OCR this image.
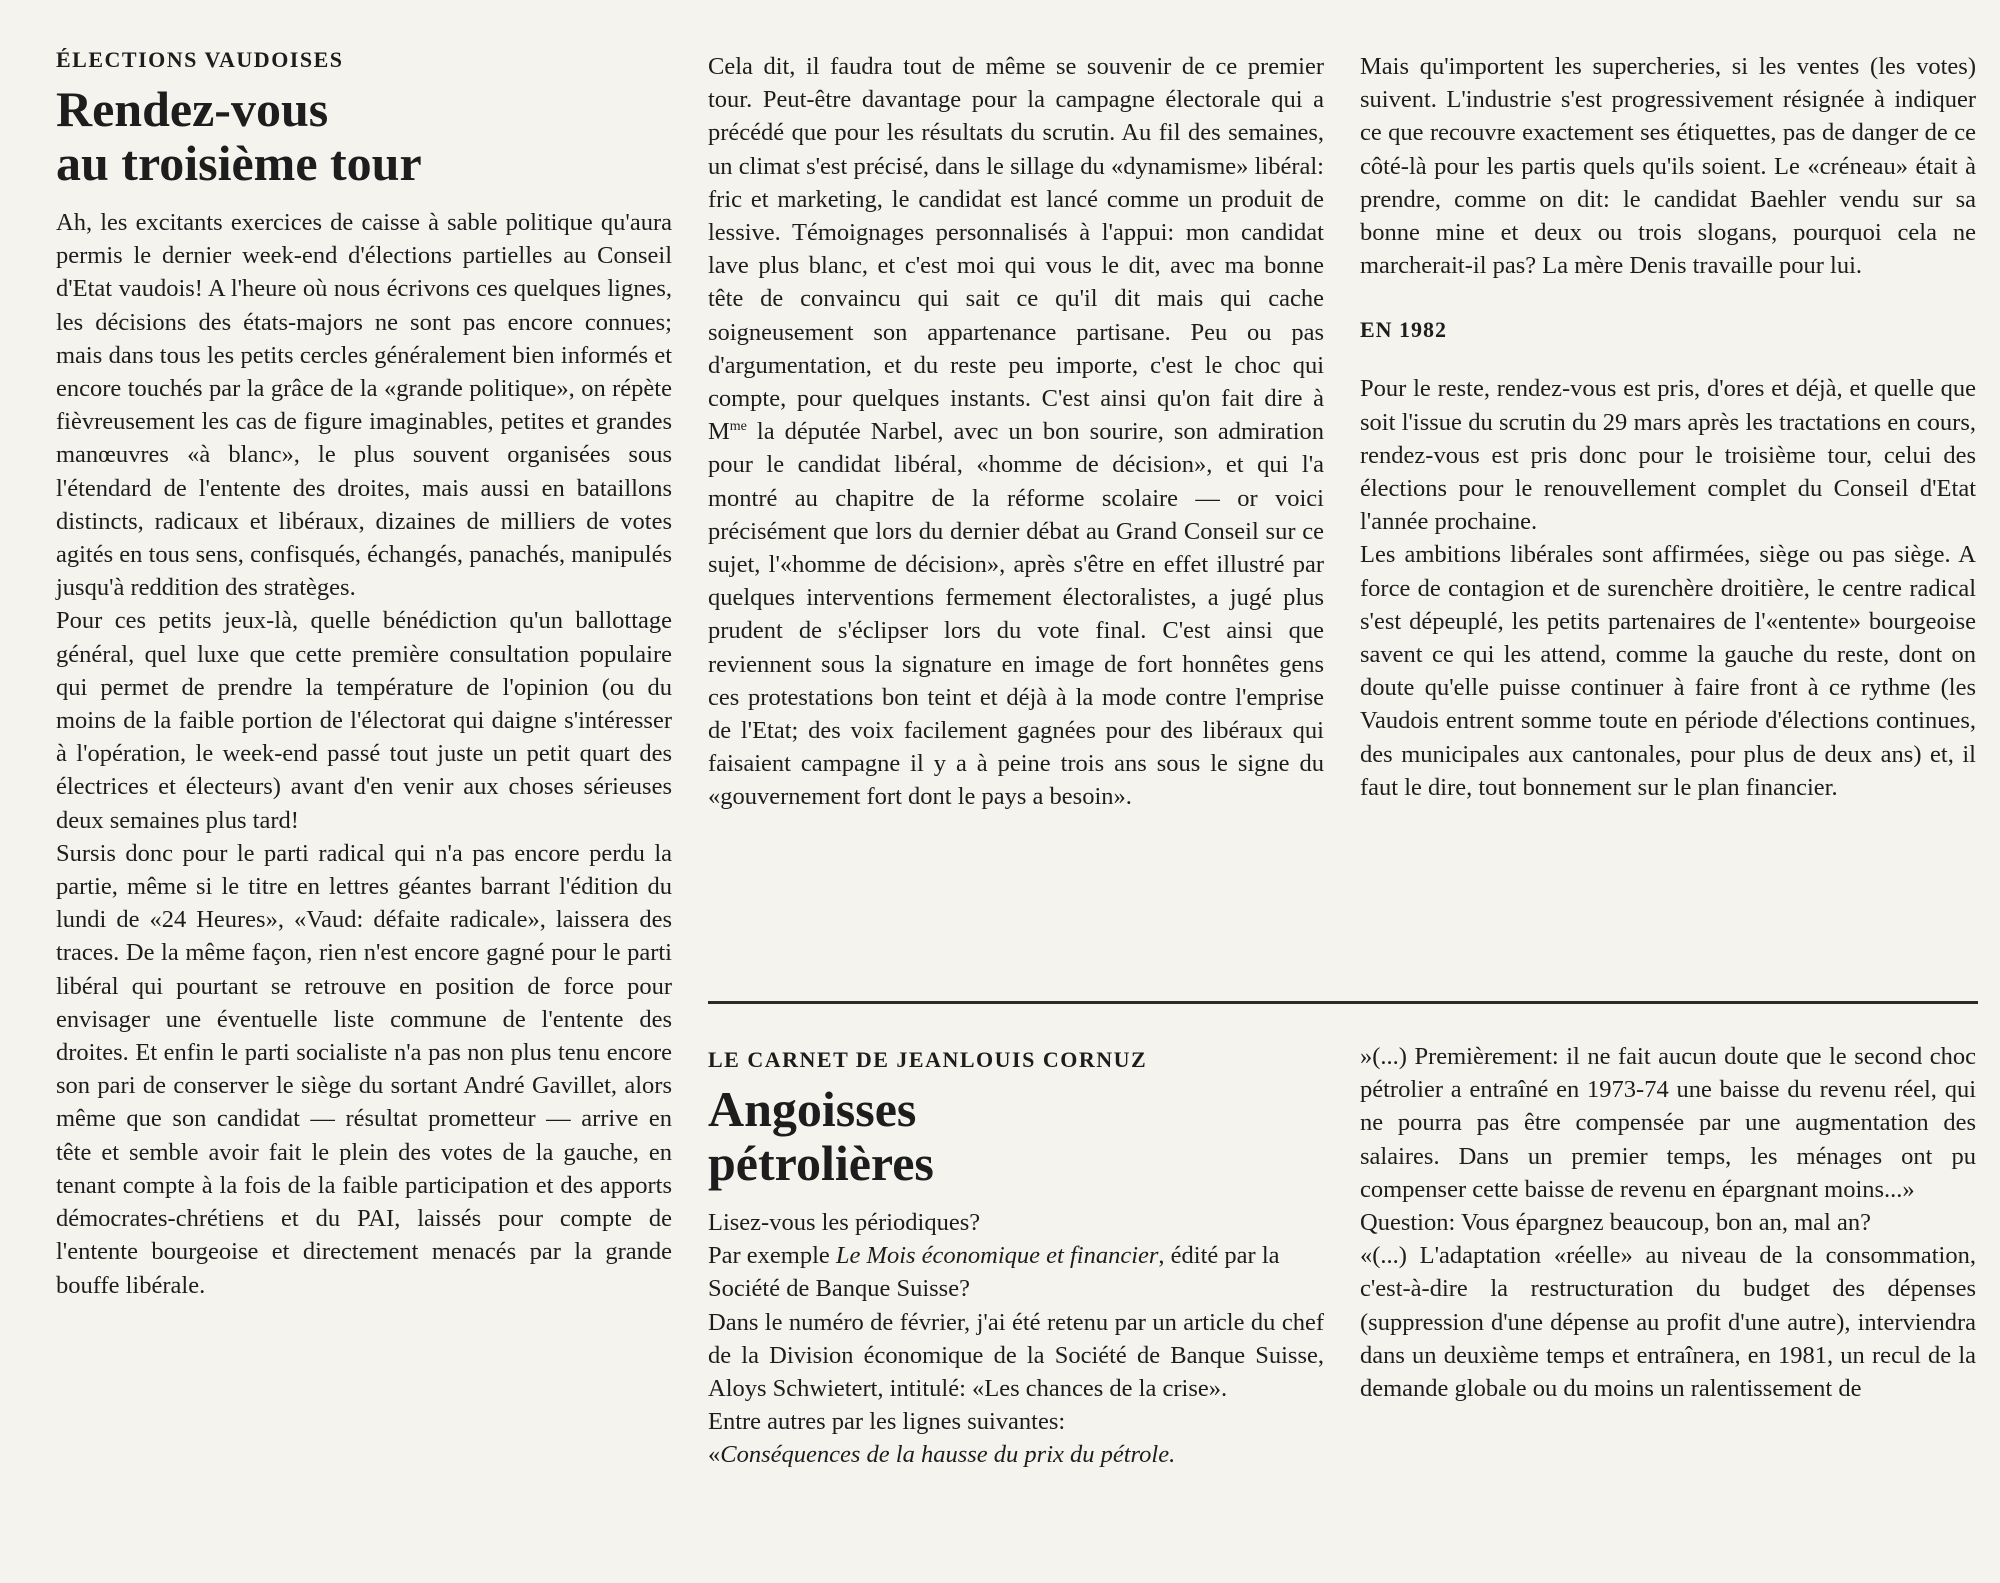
ÉLECTIONS VAUDOISES
Rendez-vous
au troisième tour

Ah, les excitants exercices de caisse à sable politique qu'aura permis le dernier week-end d'élections partielles au Conseil d'Etat vaudois! A l'heure où nous écrivons ces quelques lignes, les décisions des états-majors ne sont pas encore connues; mais dans tous les petits cercles généralement bien informés et encore touchés par la grâce de la «grande politique», on répète fièvreusement les cas de figure imaginables, petites et grandes manœuvres «à blanc», le plus souvent organisées sous l'étendard de l'entente des droites, mais aussi en bataillons distincts, radicaux et libéraux, dizaines de milliers de votes agités en tous sens, confisqués, échangés, panachés, manipulés jusqu'à reddition des stratèges.

Pour ces petits jeux-là, quelle bénédiction qu'un ballottage général, quel luxe que cette première consultation populaire qui permet de prendre la température de l'opinion (ou du moins de la faible portion de l'électorat qui daigne s'intéresser à l'opération, le week-end passé tout juste un petit quart des électrices et électeurs) avant d'en venir aux choses sérieuses deux semaines plus tard!

Sursis donc pour le parti radical qui n'a pas encore perdu la partie, même si le titre en lettres géantes barrant l'édition du lundi de «24 Heures», «Vaud: défaite radicale», laissera des traces. De la même façon, rien n'est encore gagné pour le parti libéral qui pourtant se retrouve en position de force pour envisager une éventuelle liste commune de l'entente des droites. Et enfin le parti socialiste n'a pas non plus tenu encore son pari de conserver le siège du sortant André Gavillet, alors même que son candidat — résultat prometteur — arrive en tête et semble avoir fait le plein des votes de la gauche, en tenant compte à la fois de la faible participation et des apports démocrates-chrétiens et du PAI, laissés pour compte de l'entente bourgeoise et directement menacés par la grande bouffe libérale.

Cela dit, il faudra tout de même se souvenir de ce premier tour. Peut-être davantage pour la campagne électorale qui a précédé que pour les résultats du scrutin. Au fil des semaines, un climat s'est précisé, dans le sillage du «dynamisme» libéral: fric et marketing, le candidat est lancé comme un produit de lessive. Témoignages personnalisés à l'appui: mon candidat lave plus blanc, et c'est moi qui vous le dit, avec ma bonne tête de convaincu qui sait ce qu'il dit mais qui cache soigneusement son appartenance partisane. Peu ou pas d'argumentation, et du reste peu importe, c'est le choc qui compte, pour quelques instants. C'est ainsi qu'on fait dire à $M^{me}$ la députée Narbel, avec un bon sourire, son admiration pour le candidat libéral, «homme de décision», et qui l'a montré au chapitre de la réforme scolaire — or voici précisément que lors du dernier débat au Grand Conseil sur ce sujet, l'«homme de décision», après s'être en effet illustré par quelques interventions fermement électoralistes, a jugé plus prudent de s'éclipser lors du vote final. C'est ainsi que reviennent sous la signature en image de fort honnêtes gens ces protestations bon teint et déjà à la mode contre l'emprise de l'Etat; des voix facilement gagnées pour des libéraux qui faisaient campagne il y a à peine trois ans sous le signe du «gouvernement fort dont le pays a besoin».

Mais qu'importent les supercheries, si les ventes (les votes) suivent. L'industrie s'est progressivement résignée à indiquer ce que recouvre exactement ses étiquettes, pas de danger de ce côté-là pour les partis quels qu'ils soient. Le «créneau» était à prendre, comme on dit: le candidat Baehler vendu sur sa bonne mine et deux ou trois slogans, pourquoi cela ne marcherait-il pas? La mère Denis travaille pour lui.

EN 1982

Pour le reste, rendez-vous est pris, d'ores et déjà, et quelle que soit l'issue du scrutin du 29 mars après les tractations en cours, rendez-vous est pris donc pour le troisième tour, celui des élections pour le renouvellement complet du Conseil d'Etat l'année prochaine.

Les ambitions libérales sont affirmées, siège ou pas siège. A force de contagion et de surenchère droitière, le centre radical s'est dépeuplé, les petits partenaires de l'«entente» bourgeoise savent ce qui les attend, comme la gauche du reste, dont on doute qu'elle puisse continuer à faire front à ce rythme (les Vaudois entrent somme toute en période d'élections continues, des municipales aux cantonales, pour plus de deux ans) et, il faut le dire, tout bonnement sur le plan financier.

LE CARNET DE JEANLOUIS CORNUZ
Angoisses
pétrolières

Lisez-vous les périodiques?

Par exemple Le Mois économique et financier, édité par la Société de Banque Suisse?

Dans le numéro de février, j'ai été retenu par un article du chef de la Division économique de la Société de Banque Suisse, Aloys Schwietert, intitulé: «Les chances de la crise».

Entre autres par les lignes suivantes:

«Conséquences de la hausse du prix du pétrole.

»(...) Premièrement: il ne fait aucun doute que le second choc pétrolier a entraîné en 1973-74 une baisse du revenu réel, qui ne pourra pas être compensée par une augmentation des salaires. Dans un premier temps, les ménages ont pu compenser cette baisse de revenu en épargnant moins...»

Question: Vous épargnez beaucoup, bon an, mal an?

«(...) L'adaptation «réelle» au niveau de la consommation, c'est-à-dire la restructuration du budget des dépenses (suppression d'une dépense au profit d'une autre), interviendra dans un deuxième temps et entraînera, en 1981, un recul de la demande globale ou du moins un ralentissement de
